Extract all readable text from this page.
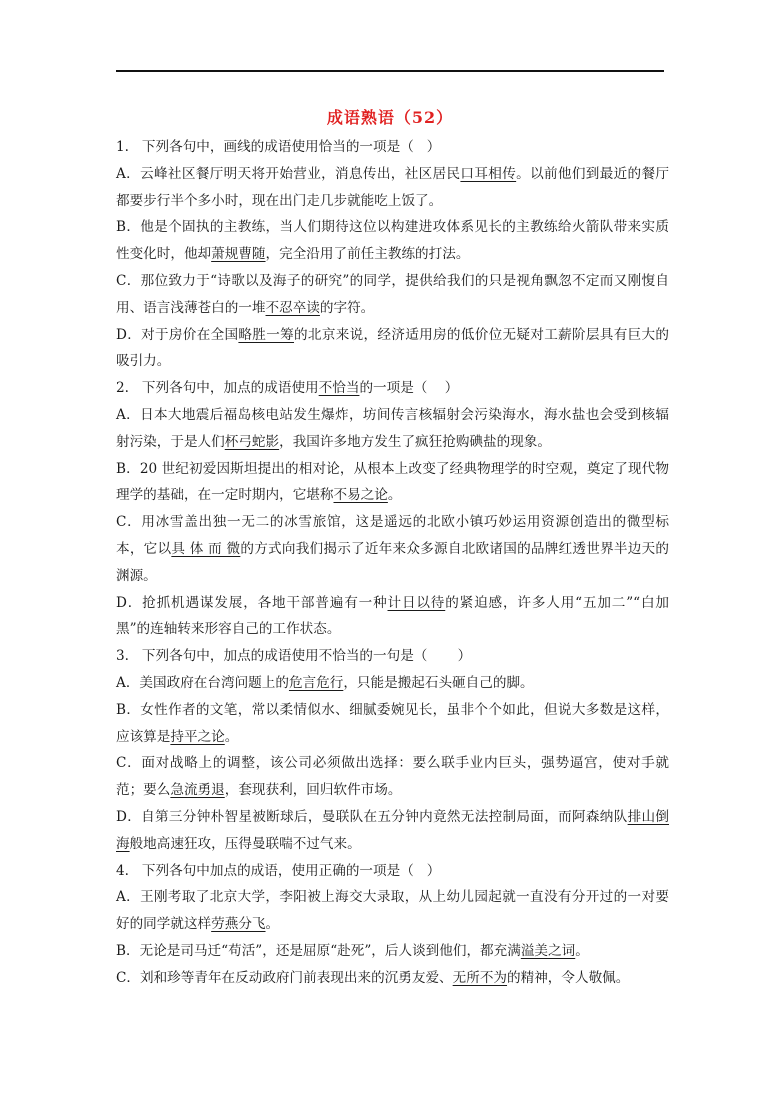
成语熟语（52）

1.   下列各句中，画线的成语使用恰当的一项是（   ）

A．云峰社区餐厅明天将开始营业，消息传出，社区居民口耳相传。以前他们到最近的餐厅都要步行半个多小时，现在出门走几步就能吃上饭了。

B．他是个固执的主教练，当人们期待这位以构建进攻体系见长的主教练给火箭队带来实质性变化时，他却萧规曹随，完全沿用了前任主教练的打法。

C．那位致力于“诗歌以及海子的研究”的同学，提供给我们的只是视角飘忽不定而又刚愎自用、语言浅薄苍白的一堆不忍卒读的字符。

D．对于房价在全国略胜一筹的北京来说，经济适用房的低价位无疑对工薪阶层具有巨大的吸引力。

2.   下列各句中，加点的成语使用不恰当的一项是（    ）

A．日本大地震后福岛核电站发生爆炸，坊间传言核辐射会污染海水，海水盐也会受到核辐射污染，于是人们杯弓蛇影，我国许多地方发生了疯狂抢购碘盐的现象。

B．20 世纪初爱因斯坦提出的相对论，从根本上改变了经典物理学的时空观，奠定了现代物理学的基础，在一定时期内，它堪称不易之论。

C．用冰雪盖出独一无二的冰雪旅馆，这是遥远的北欧小镇巧妙运用资源创造出的微型标本，它以具 体 而 微的方式向我们揭示了近年来众多源自北欧诸国的品牌红透世界半边天的渊源。

D．抢抓机遇谋发展，各地干部普遍有一种计日以待的紧迫感，许多人用“五加二”“白加黑”的连轴转来形容自己的工作状态。

3.   下列各句中，加点的成语使用不恰当的一句是（       ）

A．美国政府在台湾问题上的危言危行，只能是搬起石头砸自己的脚。

B．女性作者的文笔，常以柔情似水、细腻委婉见长，虽非个个如此，但说大多数是这样，应该算是持平之论。

C．面对战略上的调整，该公司必须做出选择：要么联手业内巨头，强势逼宫，使对手就范；要么急流勇退，套现获利，回归软件市场。

D．自第三分钟朴智星被断球后，曼联队在五分钟内竟然无法控制局面，而阿森纳队排山倒海般地高速狂攻，压得曼联喘不过气来。

4.   下列各句中加点的成语，使用正确的一项是（   ）

A．王刚考取了北京大学，李阳被上海交大录取，从上幼儿园起就一直没有分开过的一对要好的同学就这样劳燕分飞。

B．无论是司马迁“苟活”，还是屈原“赴死”，后人谈到他们，都充满溢美之词。

C．刘和珍等青年在反动政府门前表现出来的沉勇友爱、无所不为的精神，令人敬佩。
